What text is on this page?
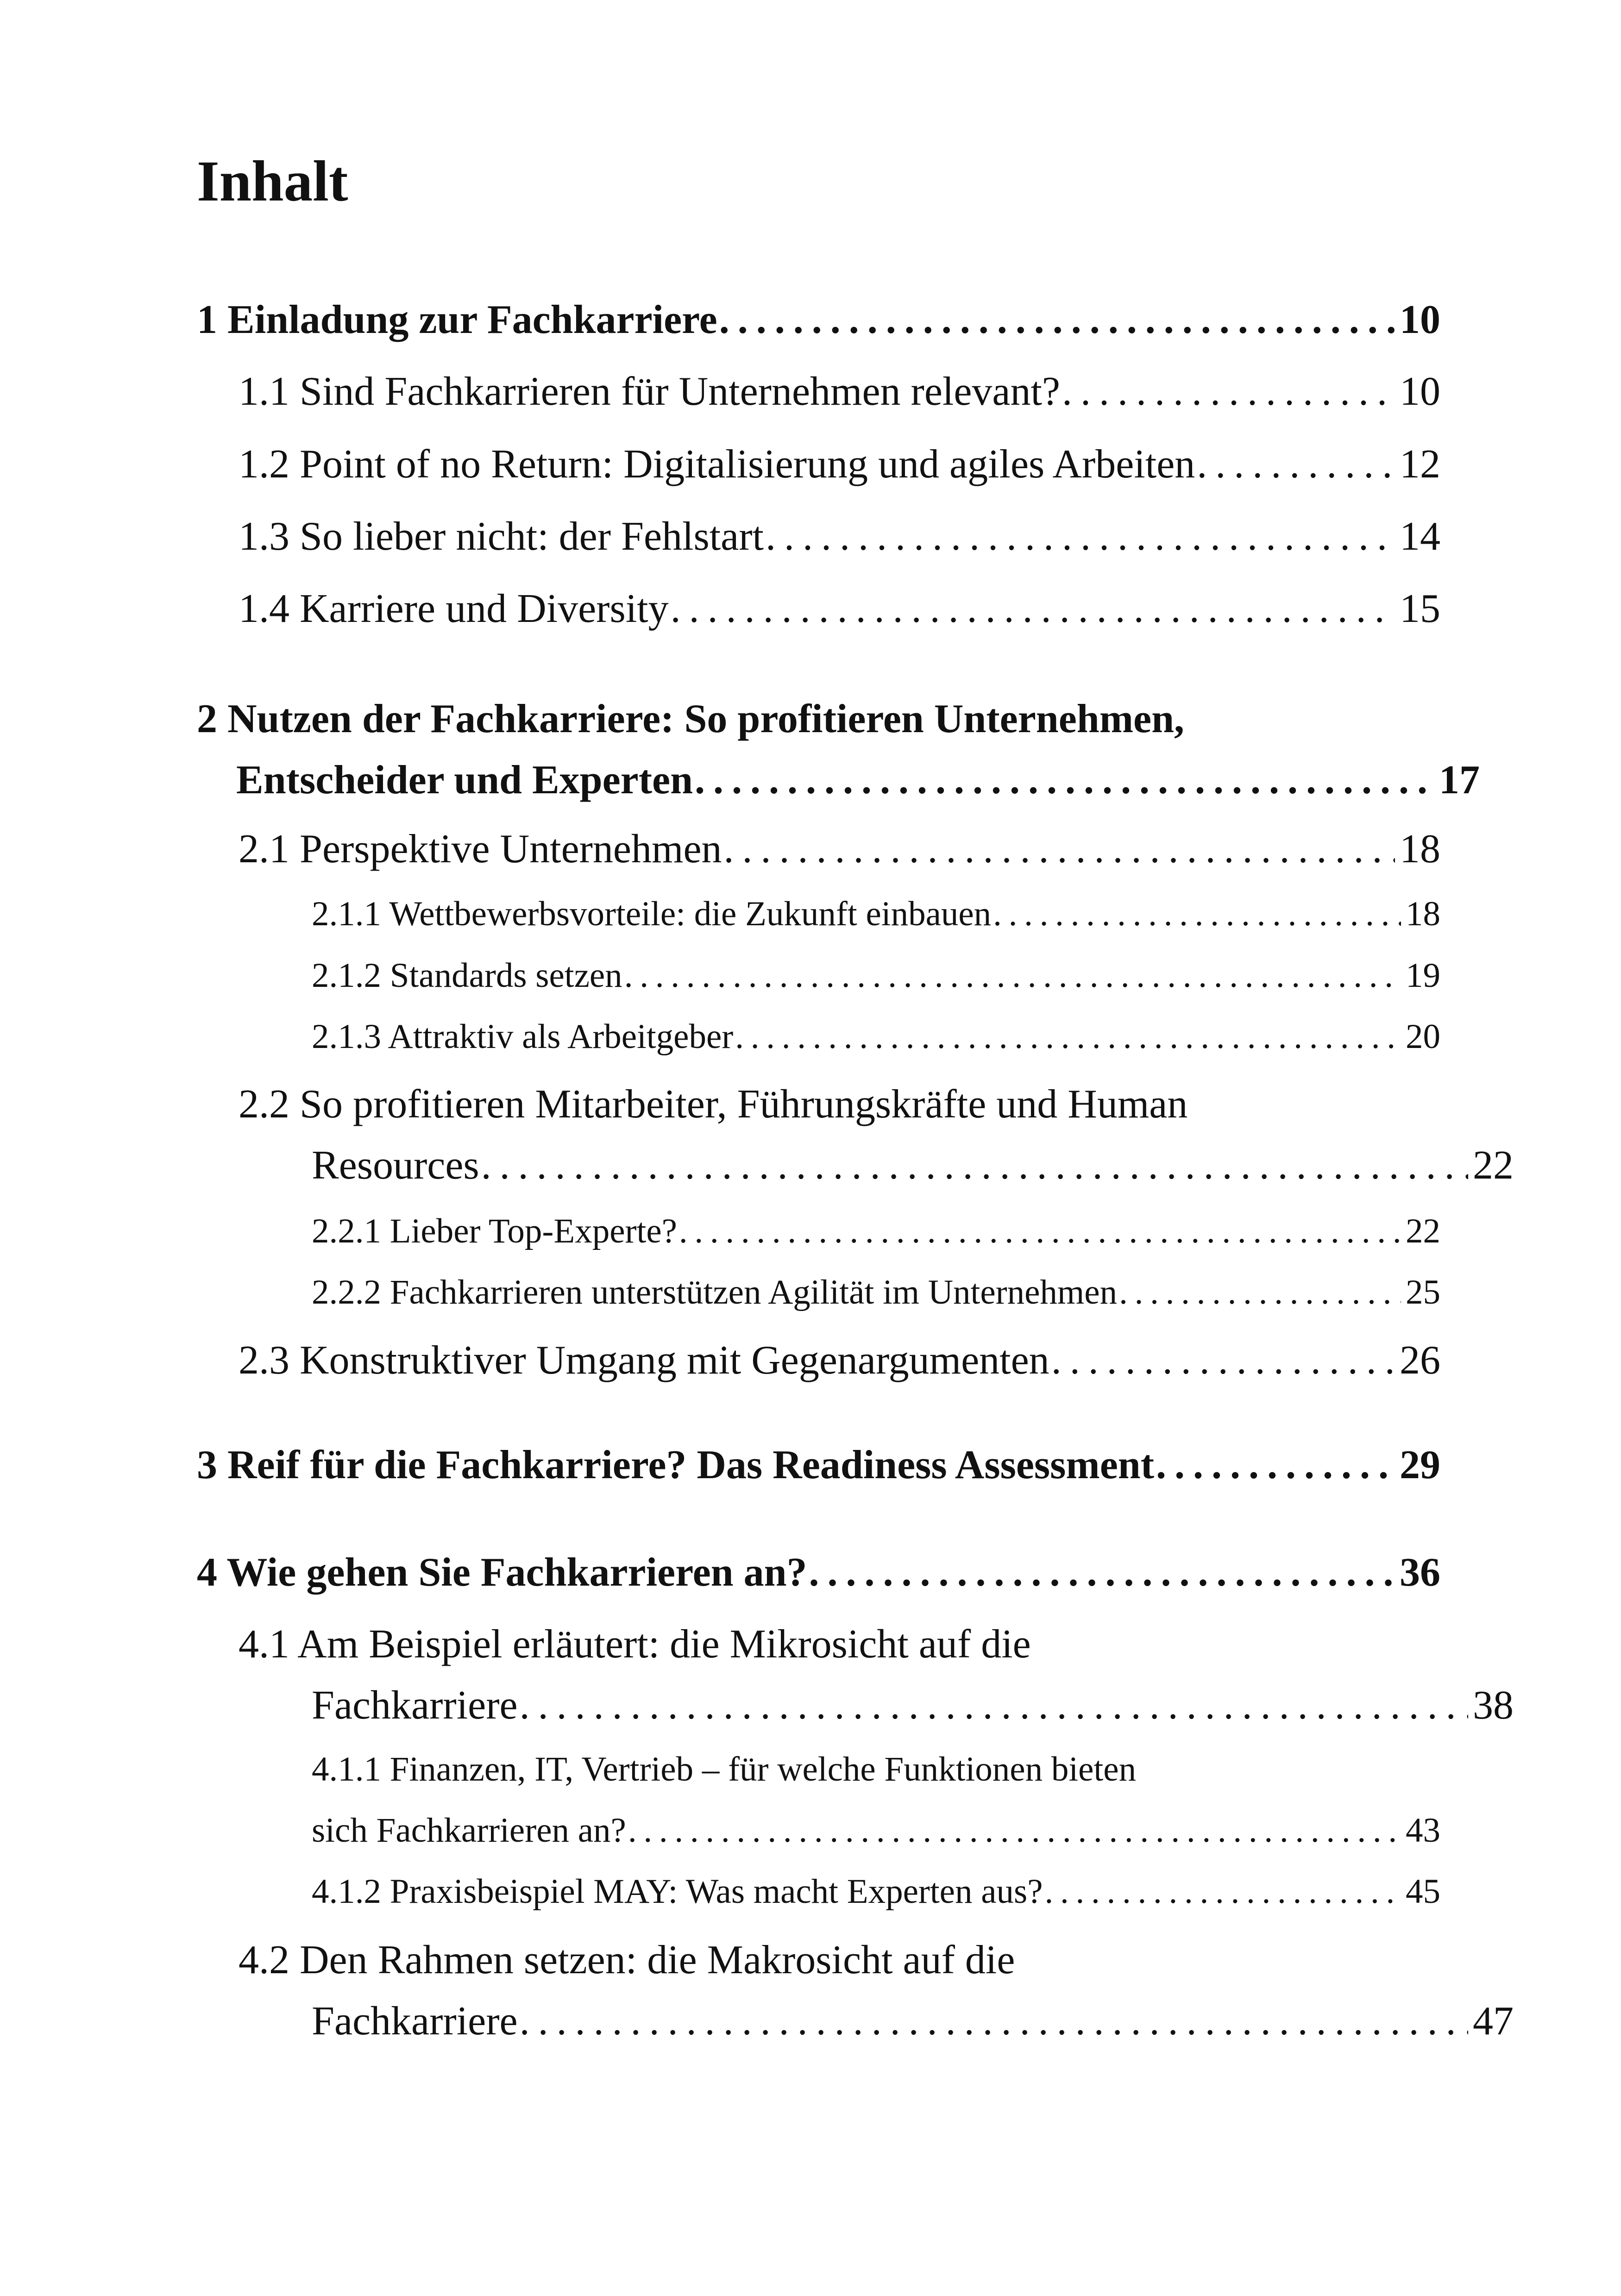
Inhalt
1 Einladung zur Fachkarriere . . .	10
1.1 Sind Fachkarrieren für Unternehmen relevant? . . .	10
1.2 Point of no Return: Digitalisierung und agiles Arbeiten . . .	12
1.3 So lieber nicht: der Fehlstart . . .	14
1.4 Karriere und Diversity . . .	15
2 Nutzen der Fachkarriere: So profitieren Unternehmen,
Entscheider und Experten . . .	17
2.1 Perspektive Unternehmen . . .	18
2.1.1 Wettbewerbsvorteile: die Zukunft einbauen . . .	18
2.1.2 Standards setzen . . .	19
2.1.3 Attraktiv als Arbeitgeber . . .	20
2.2 So profitieren Mitarbeiter, Führungskräfte und Human
Resources . . .	22
2.2.1 Lieber Top-Experte? . . .	22
2.2.2 Fachkarrieren unterstützen Agilität im Unternehmen . . .	25
2.3 Konstruktiver Umgang mit Gegenargumenten . . .	26
3 Reif für die Fachkarriere? Das Readiness Assessment . . .	29
4 Wie gehen Sie Fachkarrieren an? . . .	36
4.1 Am Beispiel erläutert: die Mikrosicht auf die
Fachkarriere . . .	38
4.1.1 Finanzen, IT, Vertrieb – für welche Funktionen bieten
sich Fachkarrieren an? . . .	43
4.1.2 Praxisbeispiel MAY: Was macht Experten aus? . . .	45
4.2 Den Rahmen setzen: die Makrosicht auf die
Fachkarriere . . .	47
